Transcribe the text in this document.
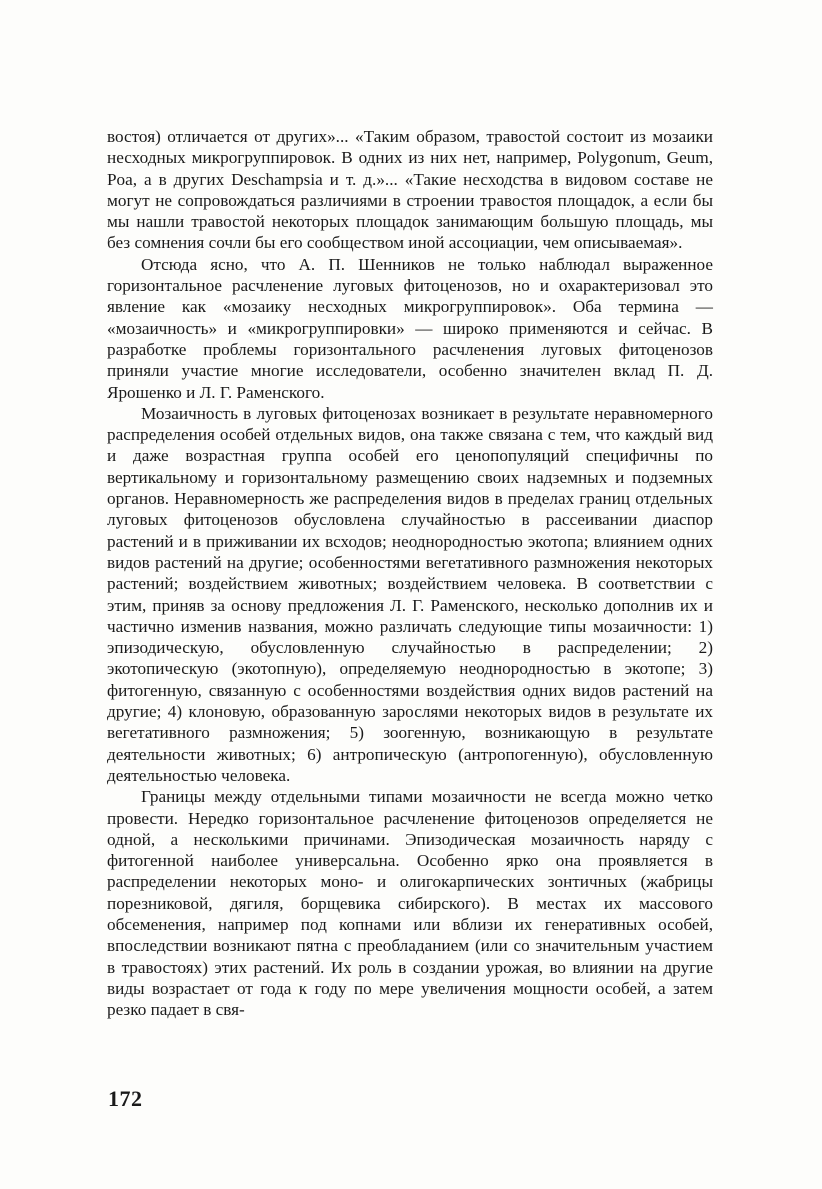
востоя) отличается от других»... «Таким образом, травостой состоит из мозаики несходных микрогруппировок. В одних из них нет, например, Polygonum, Geum, Poa, а в других Deschampsia и т. д.»... «Такие несходства в видовом составе не могут не сопровождаться различиями в строении травостоя площадок, а если бы мы нашли травостой некоторых площадок занимающим большую площадь, мы без сомнения сочли бы его сообществом иной ассоциации, чем описываемая».

Отсюда ясно, что А. П. Шенников не только наблюдал выраженное горизонтальное расчленение луговых фитоценозов, но и охарактеризовал это явление как «мозаику несходных микрогруппировок». Оба термина — «мозаичность» и «микрогруппировки» — широко применяются и сейчас. В разработке проблемы горизонтального расчленения луговых фитоценозов приняли участие многие исследователи, особенно значителен вклад П. Д. Ярошенко и Л. Г. Раменского.

Мозаичность в луговых фитоценозах возникает в результате неравномерного распределения особей отдельных видов, она также связана с тем, что каждый вид и даже возрастная группа особей его ценопопуляций специфичны по вертикальному и горизонтальному размещению своих надземных и подземных органов. Неравномерность же распределения видов в пределах границ отдельных луговых фитоценозов обусловлена случайностью в рассеивании диаспор растений и в приживании их всходов; неоднородностью экотопа; влиянием одних видов растений на другие; особенностями вегетативного размножения некоторых растений; воздействием животных; воздействием человека. В соответствии с этим, приняв за основу предложения Л. Г. Раменского, несколько дополнив их и частично изменив названия, можно различать следующие типы мозаичности: 1) эпизодическую, обусловленную случайностью в распределении; 2) экотопическую (экотопную), определяемую неоднородностью в экотопе; 3) фитогенную, связанную с особенностями воздействия одних видов растений на другие; 4) клоновую, образованную зарослями некоторых видов в результате их вегетативного размножения; 5) зоогенную, возникающую в результате деятельности животных; 6) антропическую (антропогенную), обусловленную деятельностью человека.

Границы между отдельными типами мозаичности не всегда можно четко провести. Нередко горизонтальное расчленение фитоценозов определяется не одной, а несколькими причинами. Эпизодическая мозаичность наряду с фитогенной наиболее универсальна. Особенно ярко она проявляется в распределении некоторых моно- и олигокарпических зонтичных (жабрицы порезниковой, дягиля, борщевика сибирского). В местах их массового обсеменения, например под копнами или вблизи их генеративных особей, впоследствии возникают пятна с преобладанием (или со значительным участием в травостоях) этих растений. Их роль в создании урожая, во влиянии на другие виды возрастает от года к году по мере увеличения мощности особей, а затем резко падает в свя-

172
